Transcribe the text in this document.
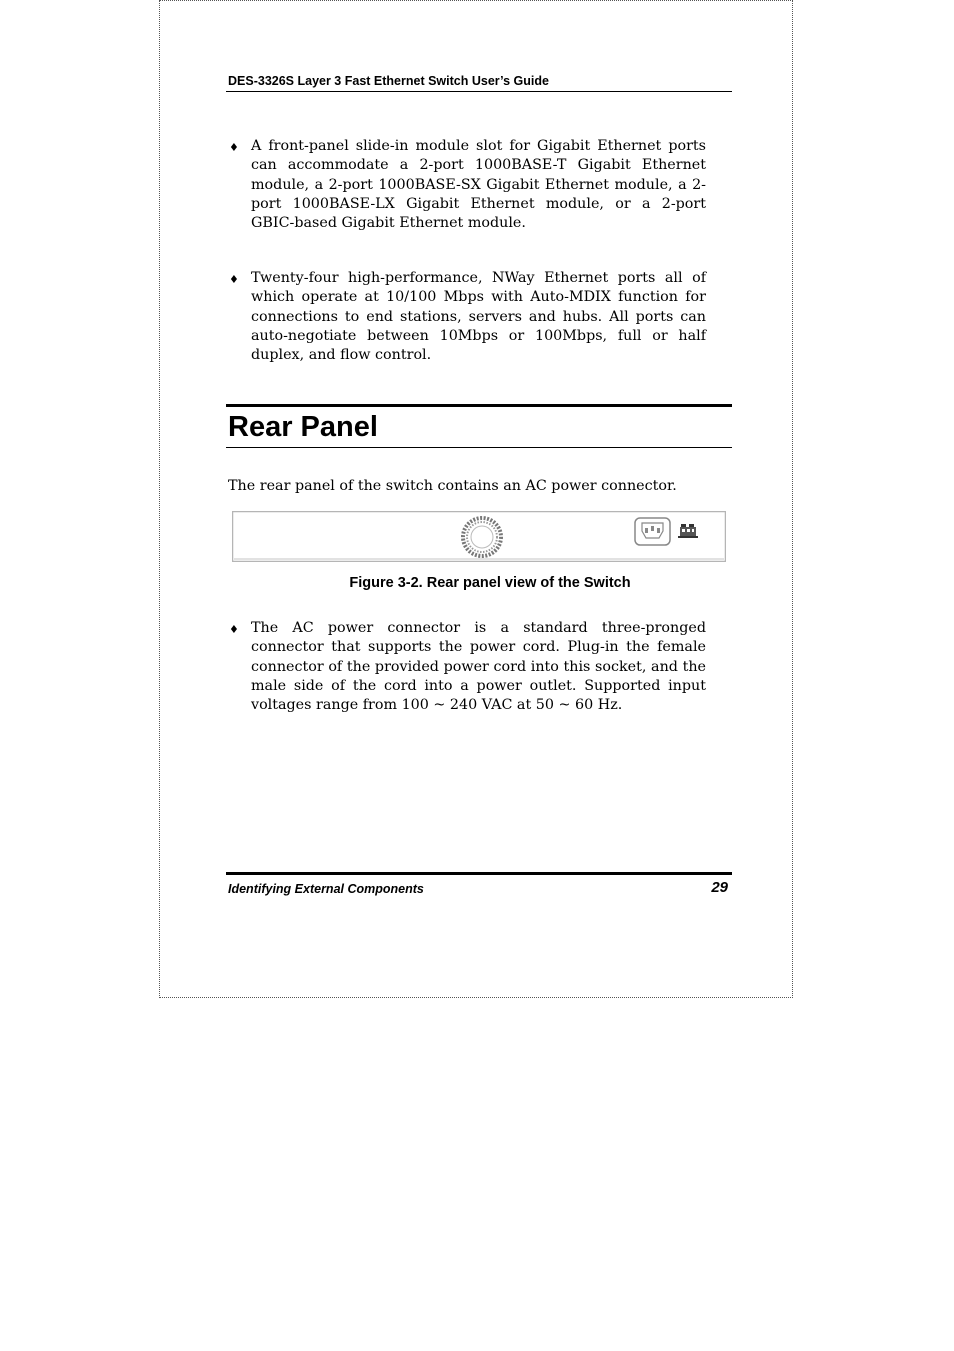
DES-3326S Layer 3 Fast Ethernet Switch User’s Guide
♦ A front-panel slide-in module slot for Gigabit Ethernet ports can accommodate a 2-port 1000BASE-T Gigabit Ethernet module, a 2-port 1000BASE-SX Gigabit Ethernet module, a 2-port 1000BASE-LX Gigabit Ethernet module, or a 2-port GBIC-based Gigabit Ethernet module.
♦ Twenty-four high-performance, NWay Ethernet ports all of which operate at 10/100 Mbps with Auto-MDIX function for connections to end stations, servers and hubs. All ports can auto-negotiate between 10Mbps or 100Mbps, full or half duplex, and flow control.
Rear Panel
The rear panel of the switch contains an AC power connector.
Figure 3-2. Rear panel view of the Switch
♦ The AC power connector is a standard three-pronged connector that supports the power cord. Plug-in the female connector of the provided power cord into this socket, and the male side of the cord into a power outlet. Supported input voltages range from 100 ~ 240 VAC at 50 ~ 60 Hz.
Identifying External Components	29
